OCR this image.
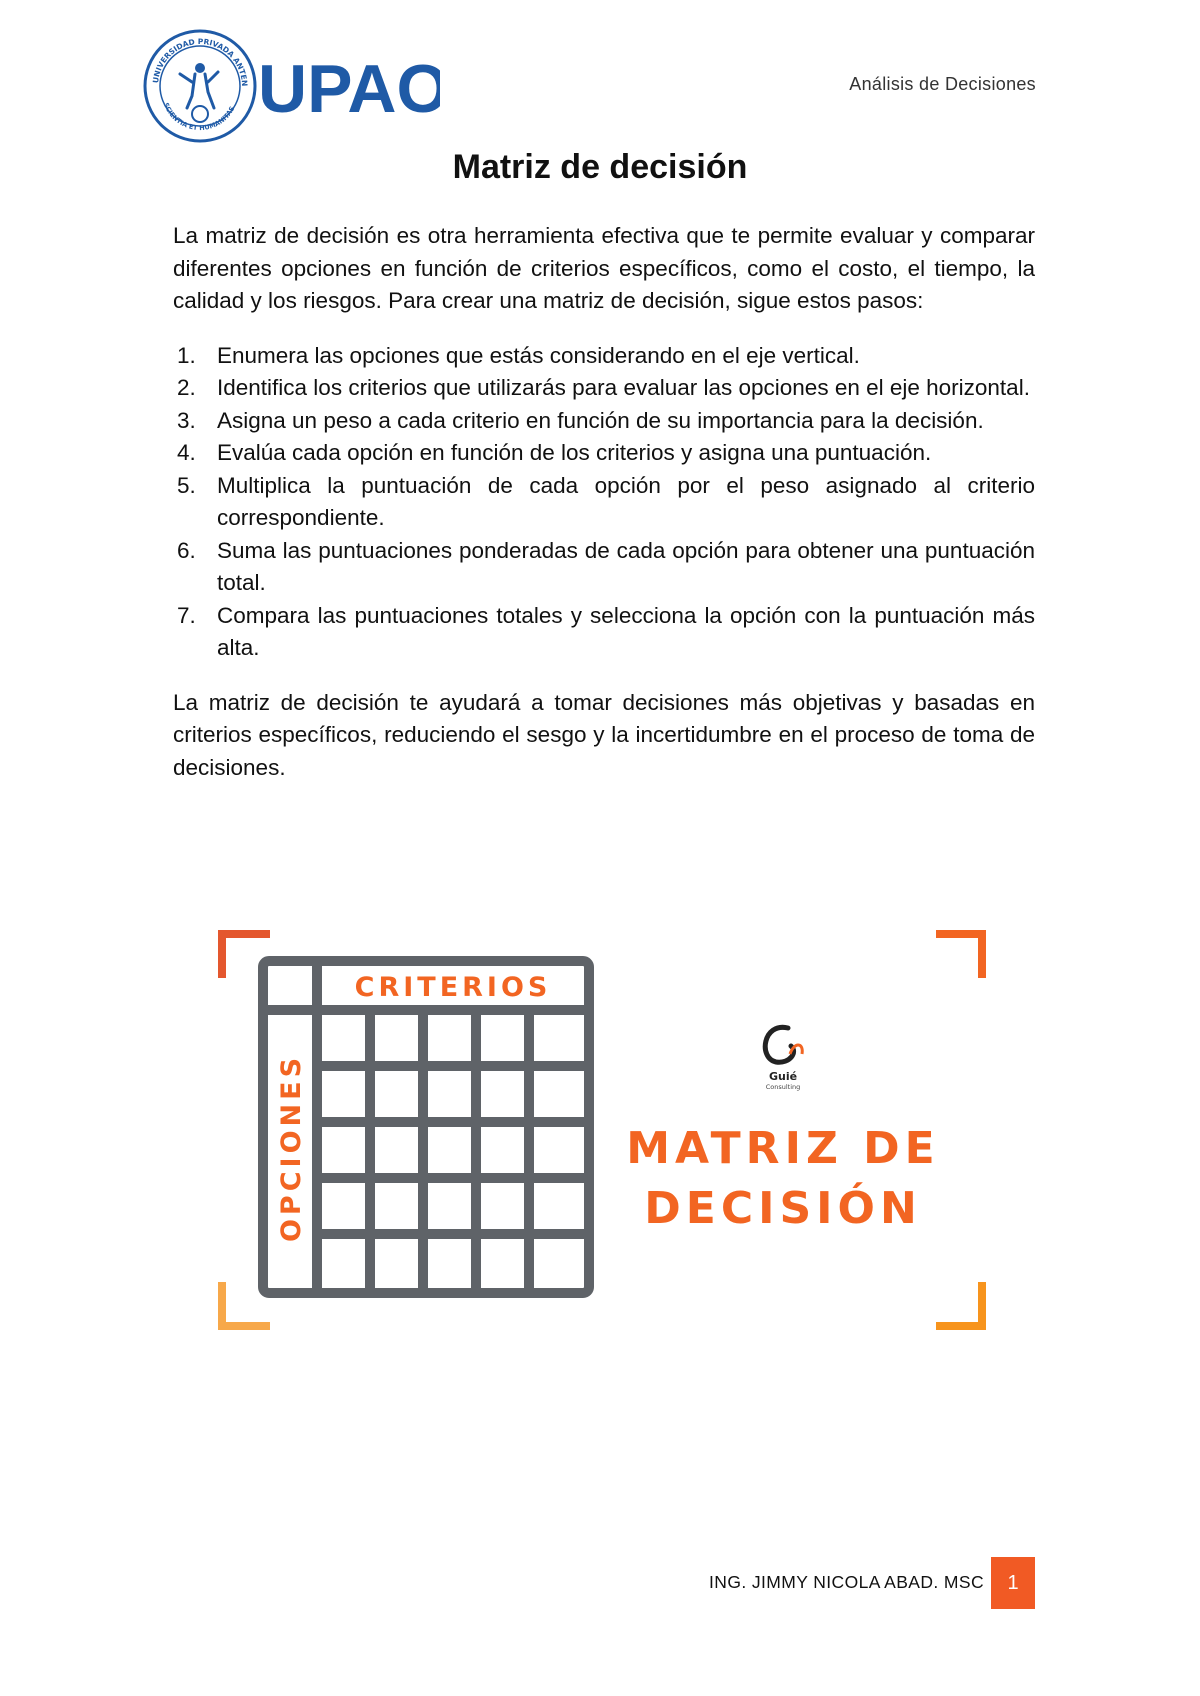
UNIVERSIDAD PRIVADA ANTEN
SCIENTIA ET HUMANITAS UPAO	Análisis de Decisiones
Matriz de decisión

La matriz de decisión es otra herramienta efectiva que te permite evaluar y comparar diferentes opciones en función de criterios específicos, como el costo, el tiempo, la calidad y los riesgos. Para crear una matriz de decisión, sigue estos pasos:

1. Enumera las opciones que estás considerando en el eje vertical.
2. Identifica los criterios que utilizarás para evaluar las opciones en el eje horizontal.
3. Asigna un peso a cada criterio en función de su importancia para la decisión.
4. Evalúa cada opción en función de los criterios y asigna una puntuación.
5. Multiplica la puntuación de cada opción por el peso asignado al criterio correspondiente.
6. Suma las puntuaciones ponderadas de cada opción para obtener una puntuación total.
7. Compara las puntuaciones totales y selecciona la opción con la puntuación más alta.

La matriz de decisión te ayudará a tomar decisiones más objetivas y basadas en criterios específicos, reduciendo el sesgo y la incertidumbre en el proceso de toma de decisiones.

CRITERIOS
OPCIONES	Guié
Consulting
MATRIZ DE
DECISIÓN
ING. JIMMY NICOLA ABAD. MSC	1
